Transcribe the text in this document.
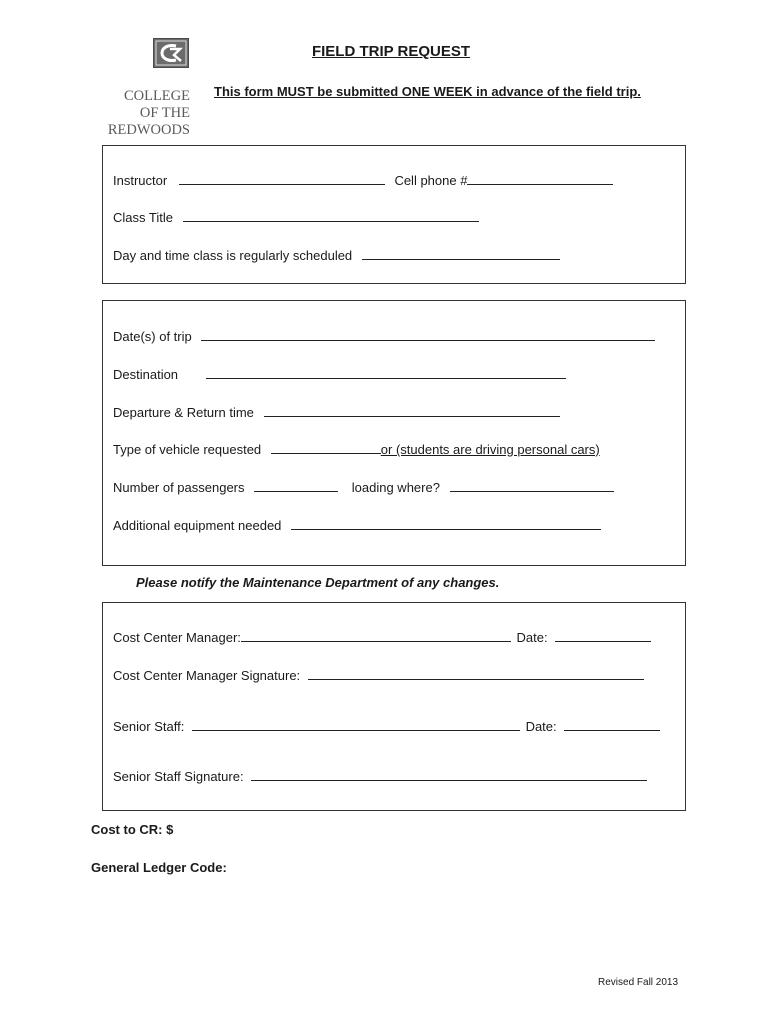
COLLEGE
OF THE
REDWOODS
FIELD TRIP REQUEST
This form MUST be submitted ONE WEEK in advance of the field trip.
Instructor	Cell phone #
Class Title
Day and time class is regularly scheduled
Date(s) of trip
Destination
Departure & Return time
Type of vehicle requested	or (students are driving personal cars)
Number of passengers	loading where?
Additional equipment needed
Please notify the Maintenance Department of any changes.
Cost Center Manager:	Date:
Cost Center Manager Signature:
Senior Staff:	Date:
Senior Staff Signature:
Cost to CR: $
General Ledger Code:
Revised Fall 2013
